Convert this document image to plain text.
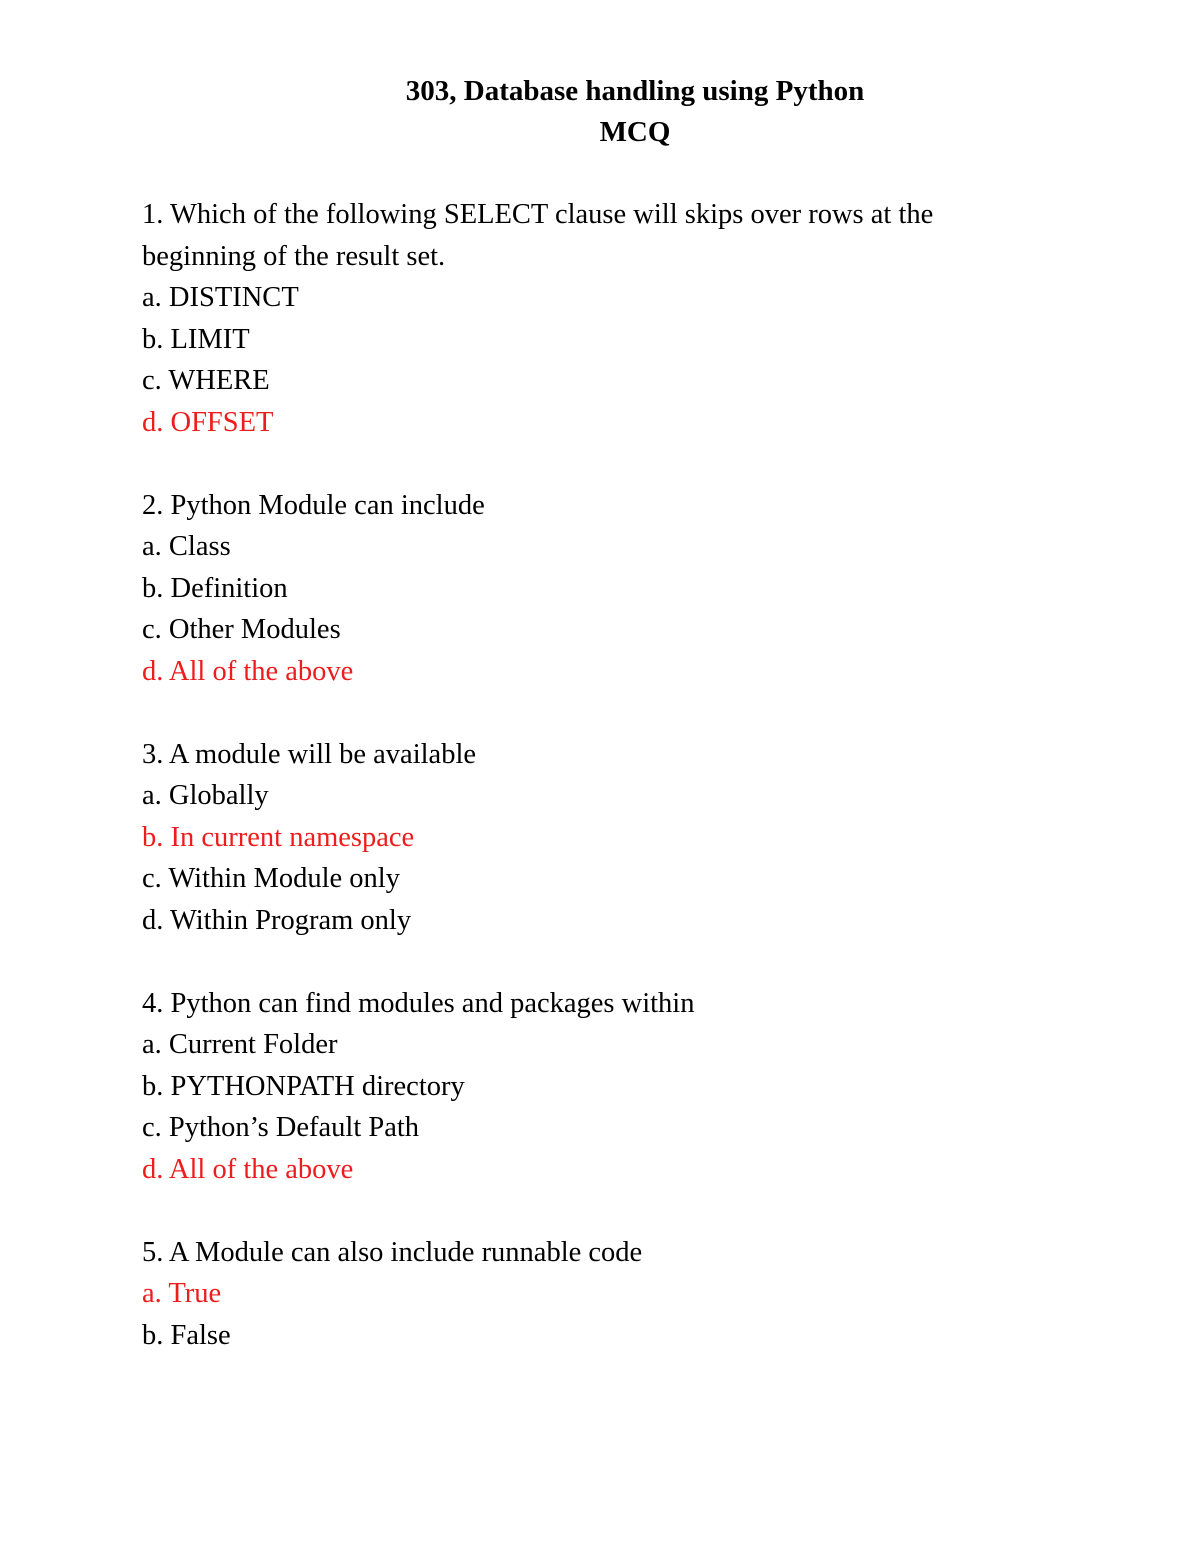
303, Database handling using Python
MCQ
1. Which of the following SELECT clause will skips over rows at the
beginning of the result set.
a. DISTINCT
b. LIMIT
c. WHERE
d. OFFSET
2. Python Module can include
a. Class
b. Definition
c. Other Modules
d. All of the above
3. A module will be available
a. Globally
b. In current namespace
c. Within Module only
d. Within Program only
4. Python can find modules and packages within
a. Current Folder
b. PYTHONPATH directory
c. Python’s Default Path
d. All of the above
5. A Module can also include runnable code
a. True
b. False
